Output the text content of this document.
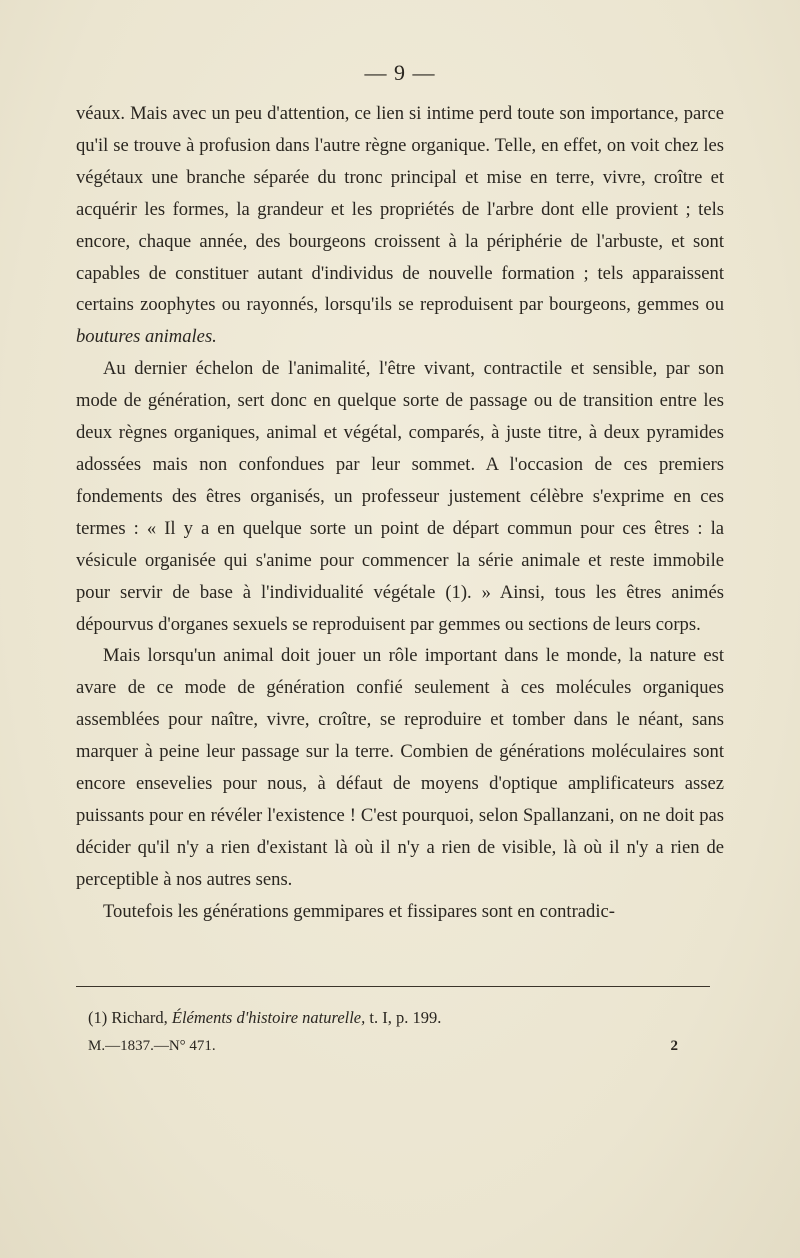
— 9 —

véaux. Mais avec un peu d'attention, ce lien si intime perd toute son importance, parce qu'il se trouve à profusion dans l'autre règne organique. Telle, en effet, on voit chez les végétaux une branche séparée du tronc principal et mise en terre, vivre, croître et acquérir les formes, la grandeur et les propriétés de l'arbre dont elle provient ; tels encore, chaque année, des bourgeons croissent à la périphérie de l'arbuste, et sont capables de constituer autant d'individus de nouvelle formation ; tels apparaissent certains zoophytes ou rayonnés, lorsqu'ils se reproduisent par bourgeons, gemmes ou boutures animales.

Au dernier échelon de l'animalité, l'être vivant, contractile et sensible, par son mode de génération, sert donc en quelque sorte de passage ou de transition entre les deux règnes organiques, animal et végétal, comparés, à juste titre, à deux pyramides adossées mais non confondues par leur sommet. A l'occasion de ces premiers fondements des êtres organisés, un professeur justement célèbre s'exprime en ces termes : « Il y a en quelque sorte un point de départ commun pour ces êtres : la vésicule organisée qui s'anime pour commencer la série animale et reste immobile pour servir de base à l'individualité végétale (1). » Ainsi, tous les êtres animés dépourvus d'organes sexuels se reproduisent par gemmes ou sections de leurs corps.

Mais lorsqu'un animal doit jouer un rôle important dans le monde, la nature est avare de ce mode de génération confié seulement à ces molécules organiques assemblées pour naître, vivre, croître, se reproduire et tomber dans le néant, sans marquer à peine leur passage sur la terre. Combien de générations moléculaires sont encore ensevelies pour nous, à défaut de moyens d'optique amplificateurs assez puissants pour en révéler l'existence ! C'est pourquoi, selon Spallanzani, on ne doit pas décider qu'il n'y a rien d'existant là où il n'y a rien de visible, là où il n'y a rien de perceptible à nos autres sens.

Toutefois les générations gemmipares et fissipares sont en contradic-

(1) Richard, Éléments d'histoire naturelle, t. I, p. 199.
M.—1837.—N° 471.	2
